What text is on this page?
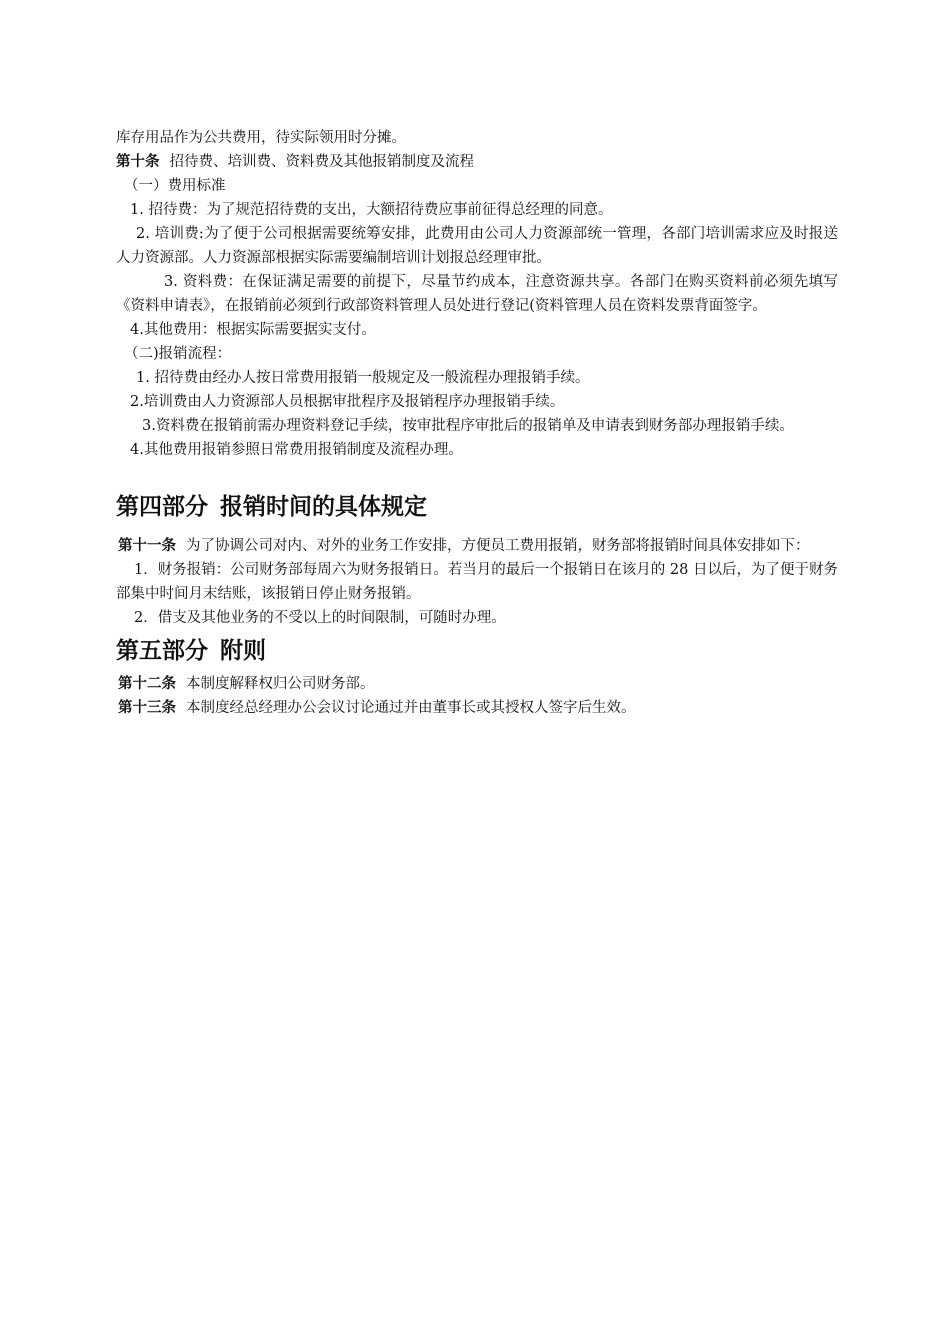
库存用品作为公共费用，待实际领用时分摊。

第十条 招待费、培训费、资料费及其他报销制度及流程

（一）费用标准

1. 招待费：为了规范招待费的支出，大额招待费应事前征得总经理的同意。

2. 培训费:为了便于公司根据需要统筹安排，此费用由公司人力资源部统一管理，各部门培训需求应及时报送人力资源部。人力资源部根据实际需要编制培训计划报总经理审批。

3. 资料费：在保证满足需要的前提下，尽量节约成本，注意资源共享。各部门在购买资料前必须先填写《资料申请表》，在报销前必须到行政部资料管理人员处进行登记(资料管理人员在资料发票背面签字。

4.其他费用：根据实际需要据实支付。

（二)报销流程：

1. 招待费由经办人按日常费用报销一般规定及一般流程办理报销手续。

2.培训费由人力资源部人员根据审批程序及报销程序办理报销手续。

3.资料费在报销前需办理资料登记手续，按审批程序审批后的报销单及申请表到财务部办理报销手续。

4.其他费用报销参照日常费用报销制度及流程办理。

第四部分 报销时间的具体规定

第十一条 为了协调公司对内、对外的业务工作安排，方便员工费用报销，财务部将报销时间具体安排如下：

1．财务报销：公司财务部每周六为财务报销日。若当月的最后一个报销日在该月的 28 日以后，为了便于财务部集中时间月末结账，该报销日停止财务报销。

2．借支及其他业务的不受以上的时间限制，可随时办理。

第五部分 附则

第十二条 本制度解释权归公司财务部。

第十三条 本制度经总经理办公会议讨论通过并由董事长或其授权人签字后生效。
